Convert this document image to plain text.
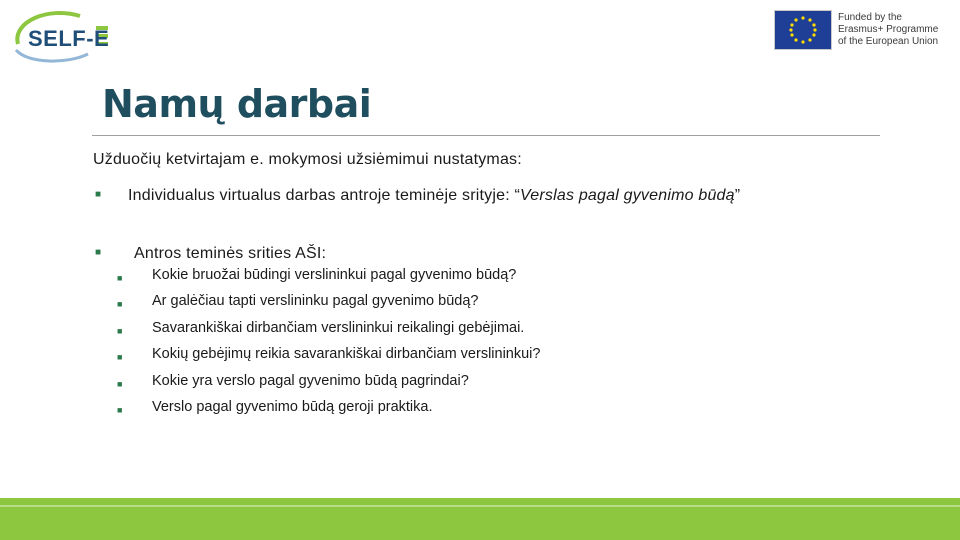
SELF-E
Funded by the
Erasmus+ Programme
of the European Union
Namų darbai
Užduočių ketvirtajam e. mokymosi užsiėmimui nustatymas:
■ Individualus virtualus darbas antroje teminėje srityje: “Verslas pagal gyvenimo būdą”
■ Antros teminės srities AŠI:
■ Kokie bruožai būdingi verslininkui pagal gyvenimo būdą?
■ Ar galėčiau tapti verslininku pagal gyvenimo būdą?
■ Savarankiškai dirbančiam verslininkui reikalingi gebėjimai.
■ Kokių gebėjimų reikia savarankiškai dirbančiam verslininkui?
■ Kokie yra verslo pagal gyvenimo būdą pagrindai?
■ Verslo pagal gyvenimo būdą geroji praktika.
